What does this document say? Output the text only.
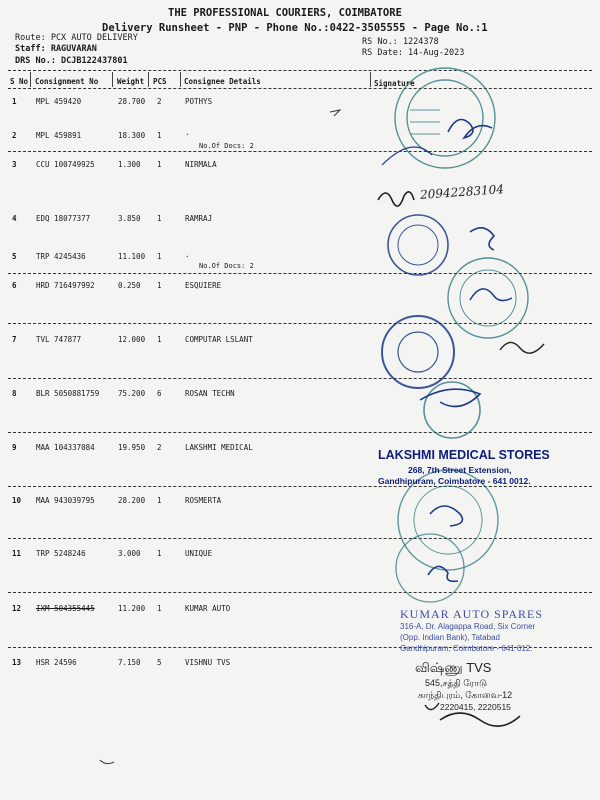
THE PROFESSIONAL COURIERS, COIMBATORE
Delivery Runsheet - PNP - Phone No.:0422-3505555 - Page No.:1
Route: PCX AUTO DELIVERY
Staff: RAGUVARAN
DRS No.: DCJB122437801
RS No.: 1224378
RS Date: 14-Aug-2023
S No Consignment No	Weight PCS Consignee Details	Signature
1	MPL 459420	28.700 2	POTHYS
2	MPL 459891	18.300 1	.
No.Of Docs: 2
3	CCU 100749925	1.300 1	NIRMALA
4	EDQ 18077377	3.850 1	RAMRAJ
5	TRP 4245436	11.100 1	.
No.Of Docs: 2
6	HRD 716497992	0.250 1	ESQUIERE
7	TVL 747877	12.000 1	COMPUTAR LSLANT
8	BLR 5050881759	75.200 6	ROSAN TECHN
9	MAA 104337084	19.950 2	LAKSHMI MEDICAL
10 MAA 943039795	28.200 1	ROSMERTA
11 TRP 5248246	3.000 1	UNIQUE
12 IXM 504355445	11.200 1	KUMAR AUTO
13 HSR 24596	7.150 5	VISHNU TVS
20942283104
LAKSHMI MEDICAL STORES
268, 7th Street Extension,
Gandhipuram, Coimbatore - 641 0012.
KUMAR AUTO SPARES
316-A, Dr. Alagappa Road, Six Corner
(Opp. Indian Bank), Tatabad
Gandhipuram, Coimbatore - 641 012.
விஷ்ணு TVS
545,சத்தி ரோடு
காந்திபுரம், கோவை-12
2220415, 2220515
